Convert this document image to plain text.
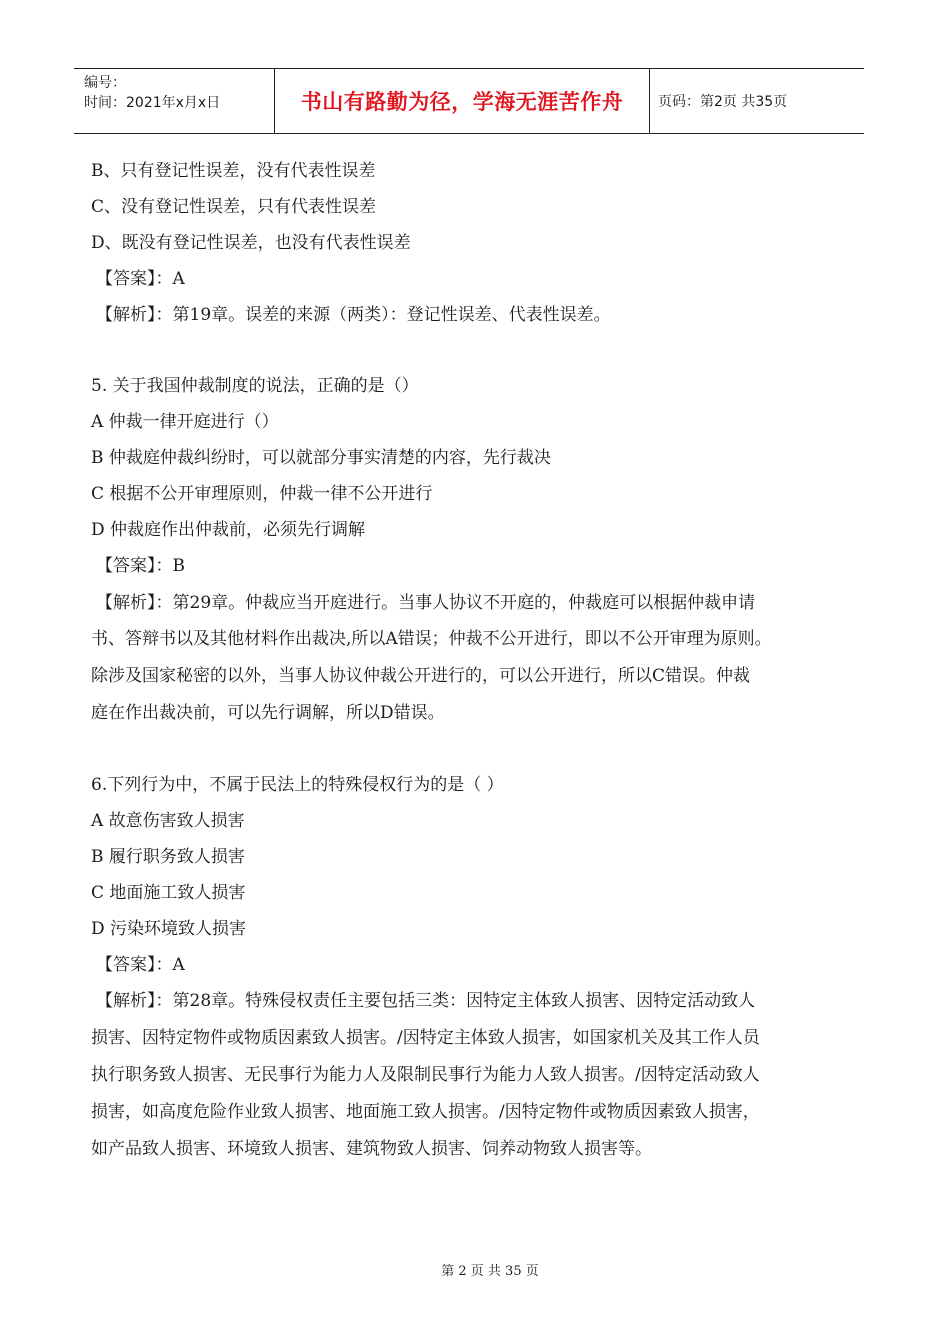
编号：
时间：2021年x月x日	书山有路勤为径，学海无涯苦作舟 页码：第2页 共35页
B、只有登记性误差，没有代表性误差
C、没有登记性误差，只有代表性误差
D、既没有登记性误差，也没有代表性误差
【答案】：A
【解析】：第19章。误差的来源（两类）：登记性误差、代表性误差。
5. 关于我国仲裁制度的说法，正确的是（）
A 仲裁一律开庭进行（）
B 仲裁庭仲裁纠纷时，可以就部分事实清楚的内容，先行裁决
C 根据不公开审理原则，仲裁一律不公开进行
D 仲裁庭作出仲裁前，必须先行调解
【答案】：B
【解析】：第29章。仲裁应当开庭进行。当事人协议不开庭的，仲裁庭可以根据仲裁申请
书、答辩书以及其他材料作出裁决,所以A错误；仲裁不公开进行，即以不公开审理为原则。
除涉及国家秘密的以外，当事人协议仲裁公开进行的，可以公开进行，所以C错误。仲裁
庭在作出裁决前，可以先行调解，所以D错误。
6.下列行为中，不属于民法上的特殊侵权行为的是（ ）
A 故意伤害致人损害
B 履行职务致人损害
C 地面施工致人损害
D 污染环境致人损害
【答案】：A
【解析】：第28章。特殊侵权责任主要包括三类：因特定主体致人损害、因特定活动致人
损害、因特定物件或物质因素致人损害。/因特定主体致人损害，如国家机关及其工作人员
执行职务致人损害、无民事行为能力人及限制民事行为能力人致人损害。/因特定活动致人
损害，如高度危险作业致人损害、地面施工致人损害。/因特定物件或物质因素致人损害，
如产品致人损害、环境致人损害、建筑物致人损害、饲养动物致人损害等。
第 2 页 共 35 页
